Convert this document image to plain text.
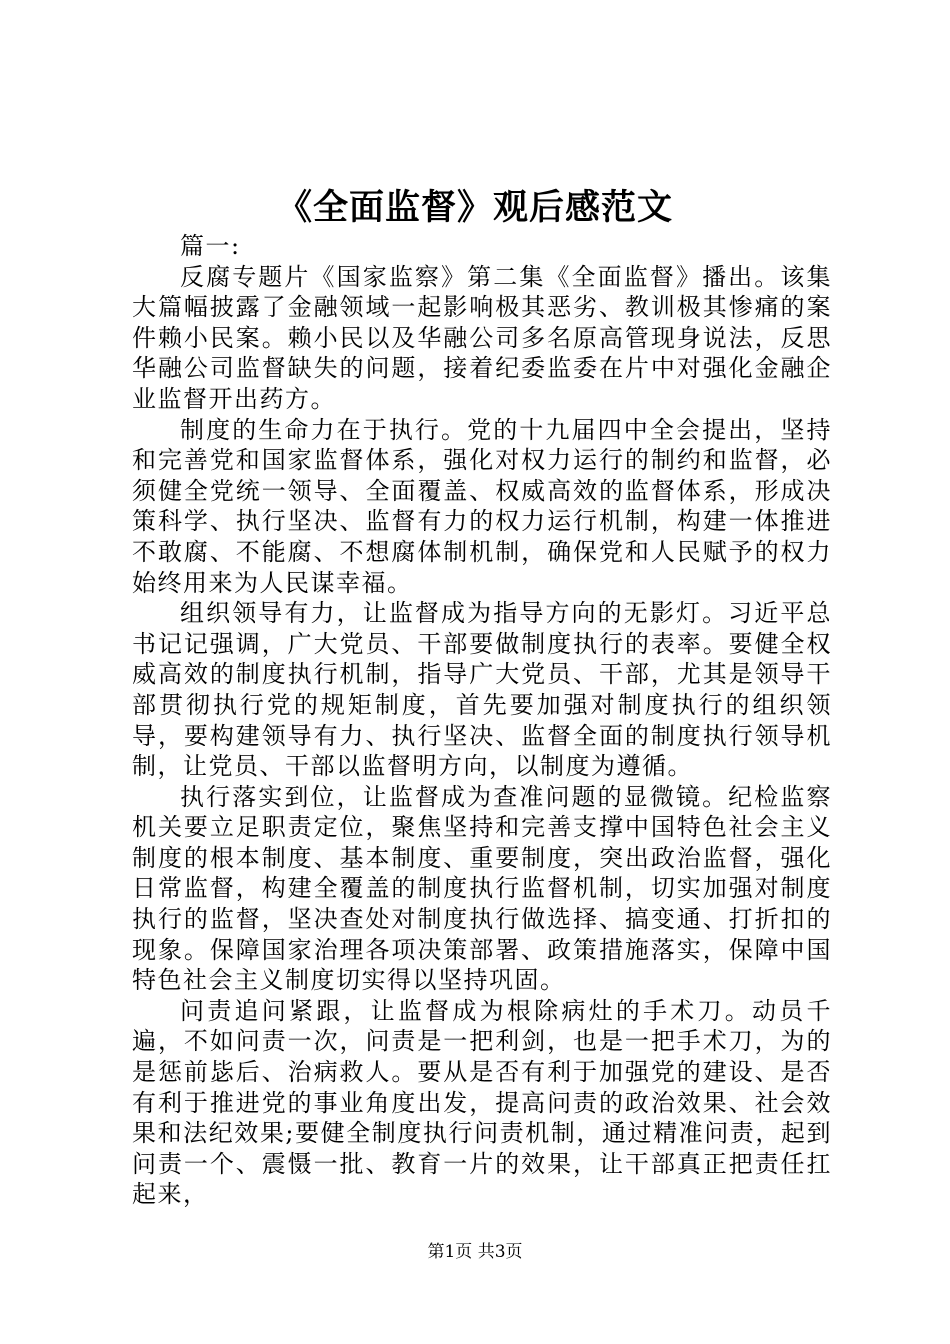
《全面监督》观后感范文

篇一:

反腐专题片《国家监察》第二集《全面监督》播出。该集大篇幅披露了金融领域一起影响极其恶劣、教训极其惨痛的案件赖小民案。赖小民以及华融公司多名原高管现身说法，反思华融公司监督缺失的问题，接着纪委监委在片中对强化金融企业监督开出药方。

制度的生命力在于执行。党的十九届四中全会提出，坚持和完善党和国家监督体系，强化对权力运行的制约和监督，必须健全党统一领导、全面覆盖、权威高效的监督体系，形成决策科学、执行坚决、监督有力的权力运行机制，构建一体推进不敢腐、不能腐、不想腐体制机制，确保党和人民赋予的权力始终用来为人民谋幸福。

组织领导有力，让监督成为指导方向的无影灯。习近平总书记记强调，广大党员、干部要做制度执行的表率。要健全权威高效的制度执行机制，指导广大党员、干部，尤其是领导干部贯彻执行党的规矩制度，首先要加强对制度执行的组织领导，要构建领导有力、执行坚决、监督全面的制度执行领导机制，让党员、干部以监督明方向，以制度为遵循。

执行落实到位，让监督成为查准问题的显微镜。纪检监察机关要立足职责定位，聚焦坚持和完善支撑中国特色社会主义制度的根本制度、基本制度、重要制度，突出政治监督，强化日常监督，构建全覆盖的制度执行监督机制，切实加强对制度执行的监督，坚决查处对制度执行做选择、搞变通、打折扣的现象。保障国家治理各项决策部署、政策措施落实，保障中国特色社会主义制度切实得以坚持巩固。

问责追问紧跟，让监督成为根除病灶的手术刀。动员千遍，不如问责一次，问责是一把利剑，也是一把手术刀，为的是惩前毖后、治病救人。要从是否有利于加强党的建设、是否有利于推进党的事业角度出发，提高问责的政治效果、社会效果和法纪效果;要健全制度执行问责机制，通过精准问责，起到问责一个、震慑一批、教育一片的效果，让干部真正把责任扛起来，

第1页 共3页
